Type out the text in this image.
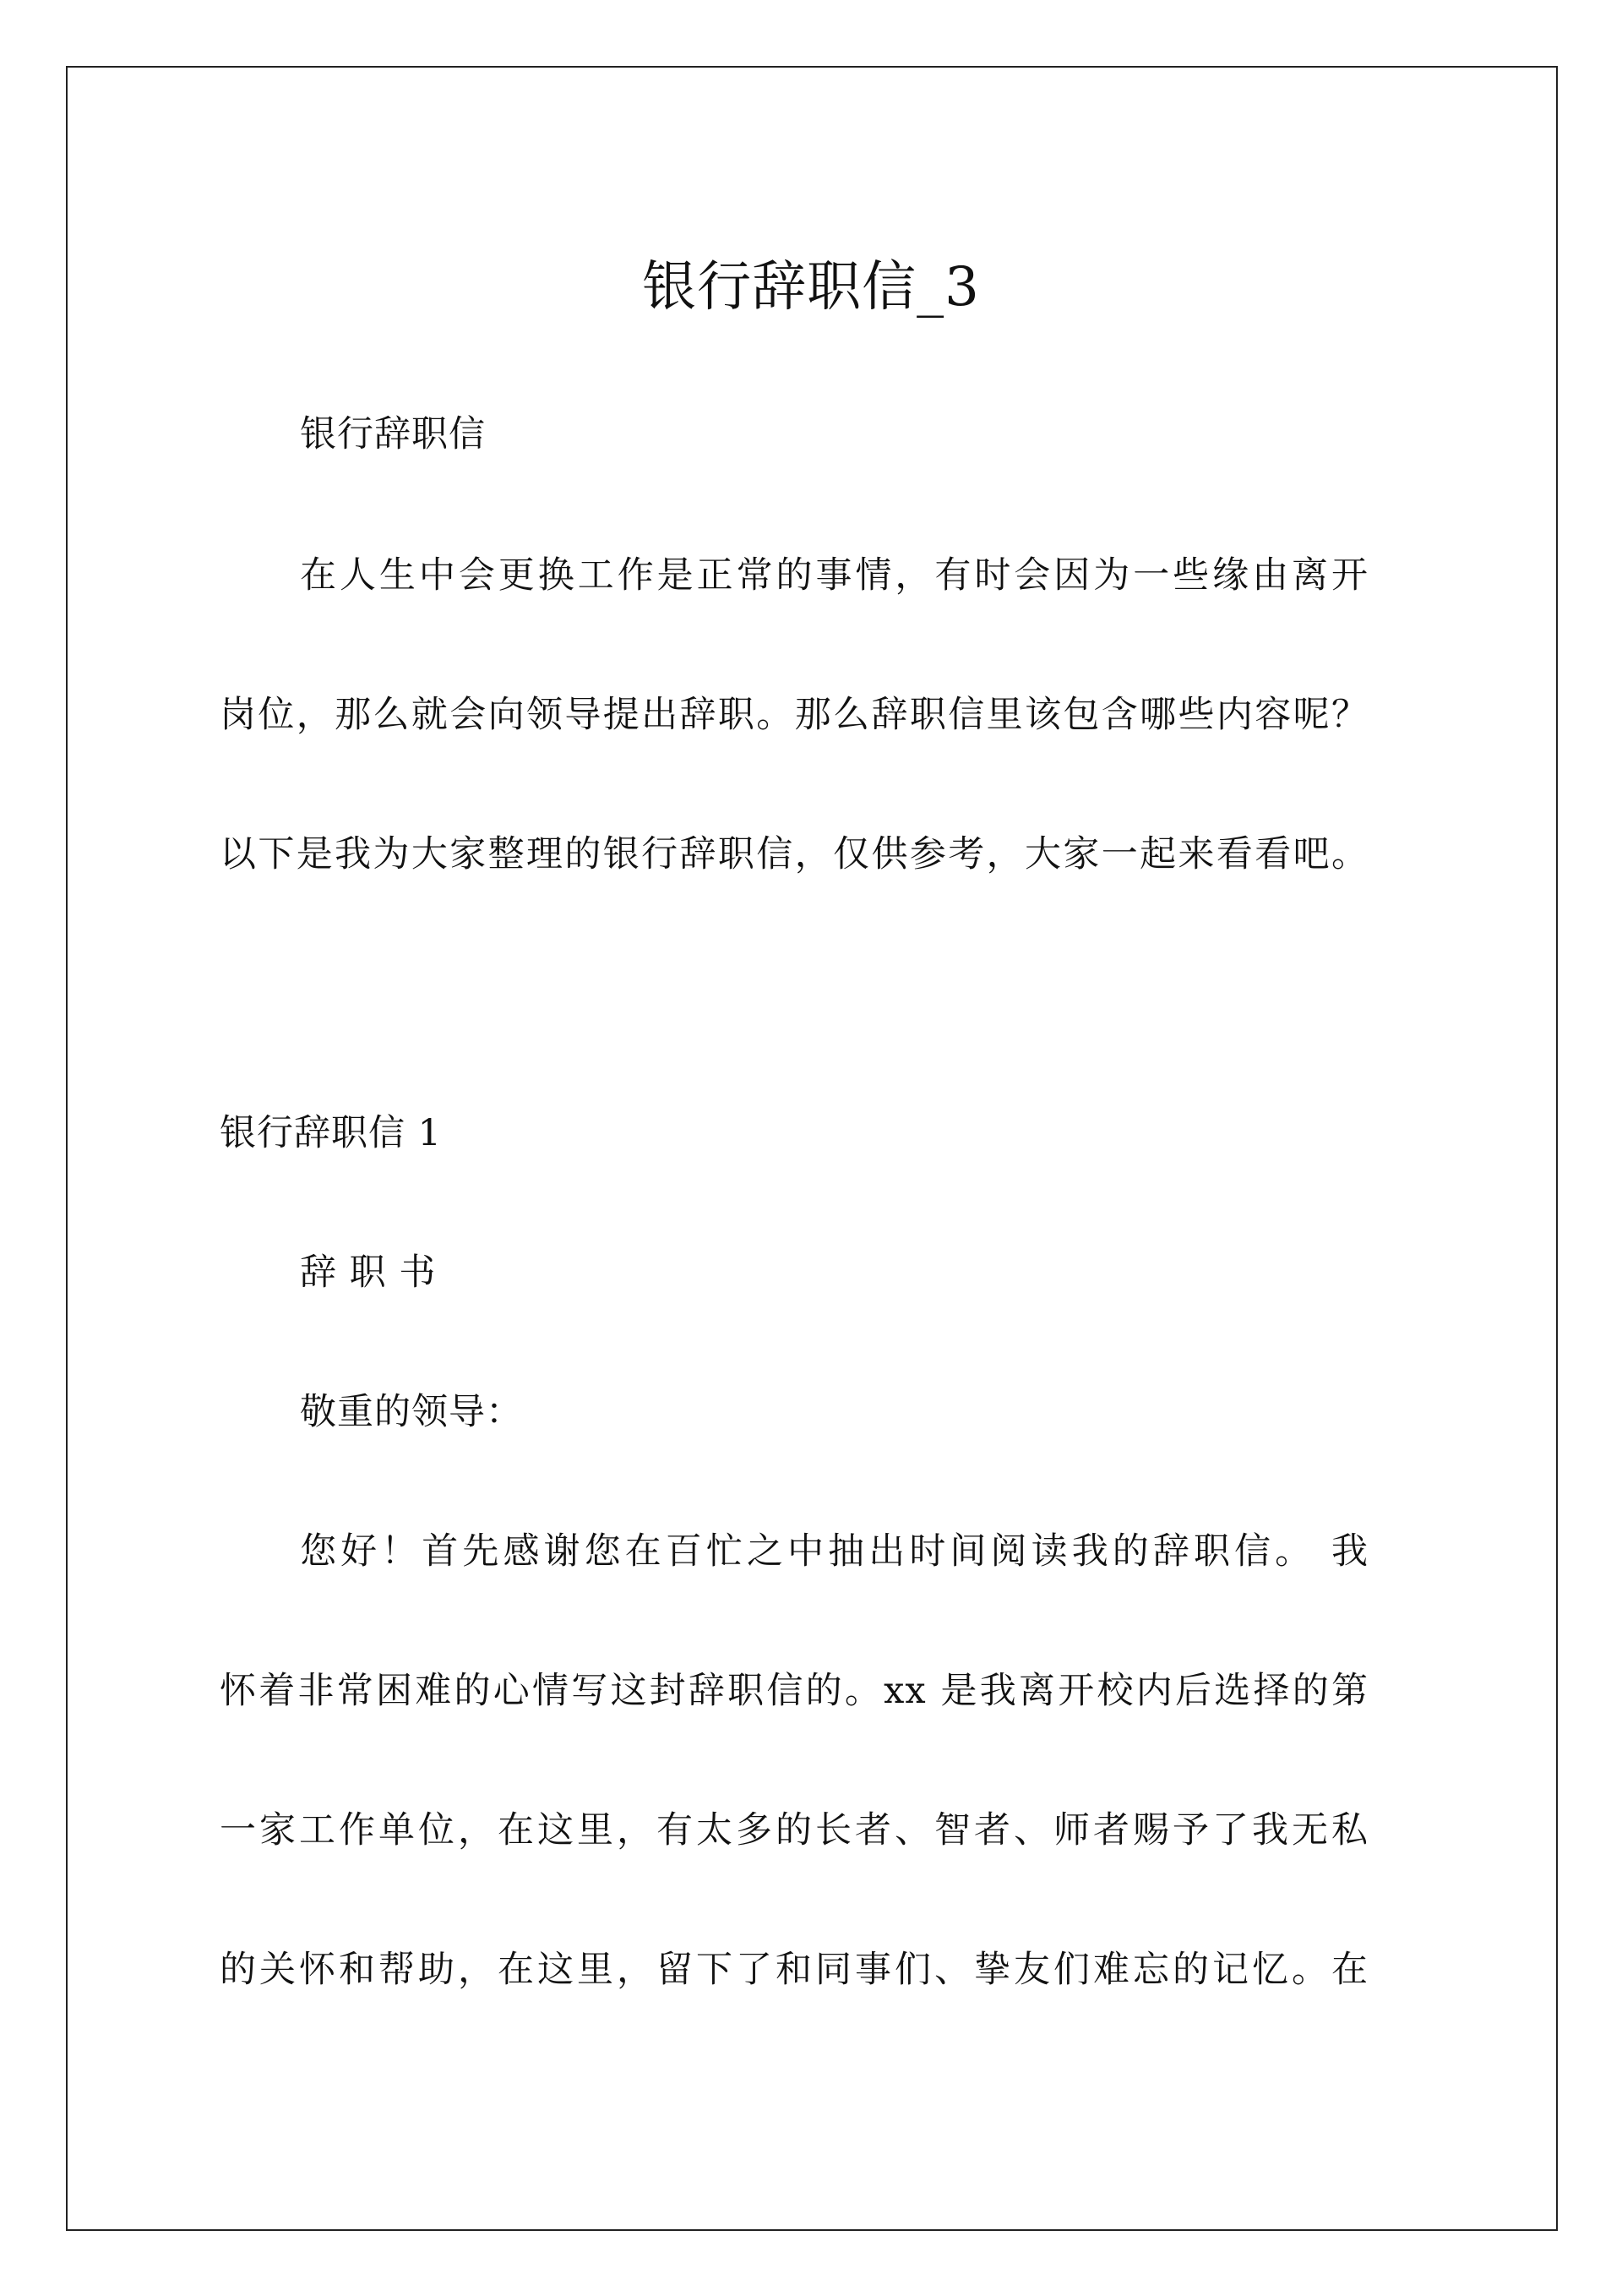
银行辞职信_3
银行辞职信
在人生中会更换工作是正常的事情，有时会因为一些缘由离开
岗位，那么就会向领导提出辞职。那么辞职信里该包含哪些内容呢？
以下是我为大家整理的银行辞职信，仅供参考，大家一起来看看吧。
银行辞职信 1
辞 职 书
敬重的领导：
您好！首先感谢您在百忙之中抽出时间阅读我的辞职信。 我
怀着非常困难的心情写这封辞职信的。xx 是我离开校内后选择的第
一家工作单位，在这里，有太多的长者、智者、师者赐予了我无私
的关怀和帮助，在这里，留下了和同事们、挚友们难忘的记忆。在
